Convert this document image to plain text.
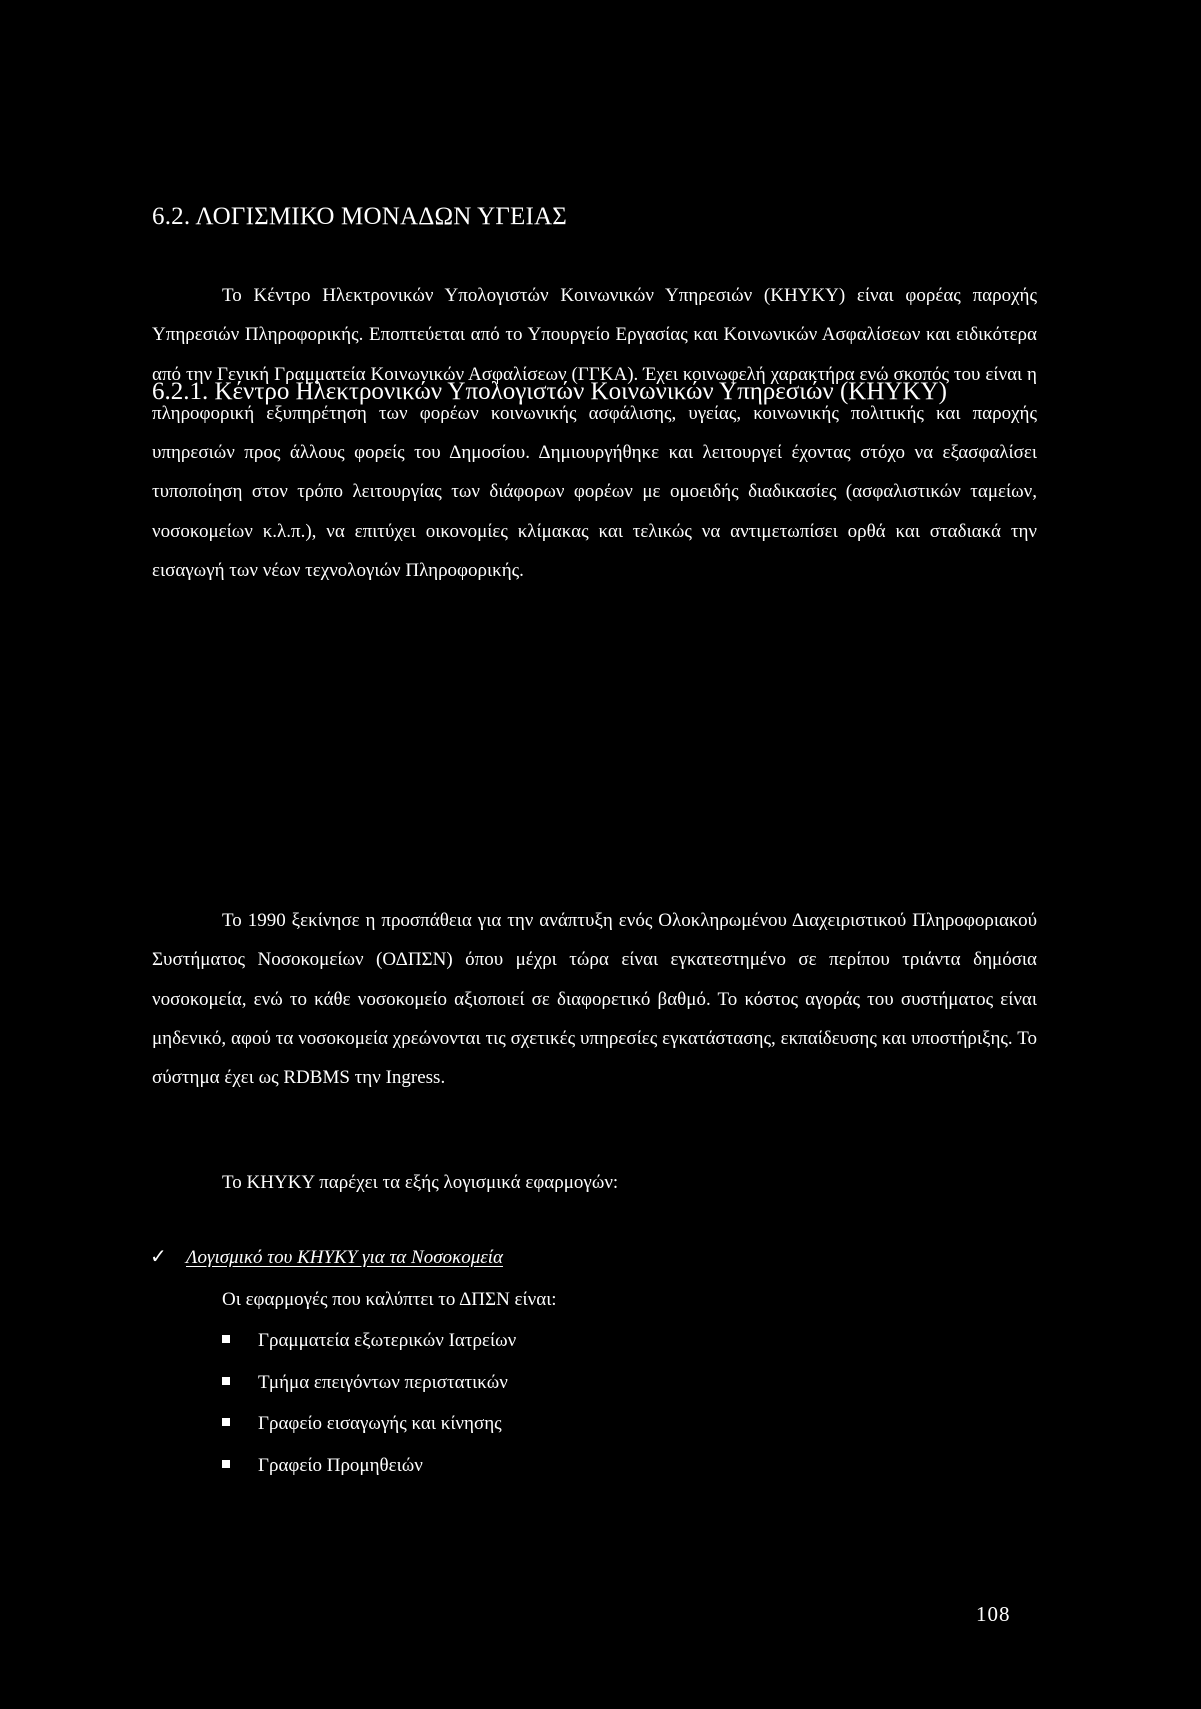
6.2. ΛΟΓΙΣΜΙΚΟ ΜΟΝΑΔΩΝ ΥΓΕΙΑΣ
6.2.1. Κέντρο Ηλεκτρονικών Υπολογιστών Κοινωνικών Υπηρεσιών (ΚΗΥΚΥ)

Το Κέντρο Ηλεκτρονικών Υπολογιστών Κοινωνικών Υπηρεσιών (ΚΗΥΚΥ) είναι φορέας παροχής Υπηρεσιών Πληροφορικής. Εποπτεύεται από το Υπουργείο Εργασίας και Κοινωνικών Ασφαλίσεων και ειδικότερα από την Γενική Γραμματεία Κοινωνικών Ασφαλίσεων (ΓΓΚΑ). Έχει κοινωφελή χαρακτήρα ενώ σκοπός του είναι η πληροφορική εξυπηρέτηση των φορέων κοινωνικής ασφάλισης, υγείας, κοινωνικής πολιτικής και παροχής υπηρεσιών προς άλλους φορείς του Δημοσίου. Δημιουργήθηκε και λειτουργεί έχοντας στόχο να εξασφαλίσει τυποποίηση στον τρόπο λειτουργίας των διάφορων φορέων με ομοειδής διαδικασίες (ασφαλιστικών ταμείων, νοσοκομείων κ.λ.π.), να επιτύχει οικονομίες κλίμακας και τελικώς να αντιμετωπίσει ορθά και σταδιακά την εισαγωγή των νέων τεχνολογιών Πληροφορικής.

Το 1990 ξεκίνησε η προσπάθεια για την ανάπτυξη ενός Ολοκληρωμένου Διαχειριστικού Πληροφοριακού Συστήματος Νοσοκομείων (ΟΔΠΣΝ) όπου μέχρι τώρα είναι εγκατεστημένο σε περίπου τριάντα δημόσια νοσοκομεία, ενώ το κάθε νοσοκομείο αξιοποιεί σε διαφορετικό βαθμό. Το κόστος αγοράς του συστήματος είναι μηδενικό, αφού τα νοσοκομεία χρεώνονται τις σχετικές υπηρεσίες εγκατάστασης, εκπαίδευσης και υποστήριξης. Το σύστημα έχει ως RDBMS την Ingress.

Το ΚΗΥΚΥ παρέχει τα εξής λογισμικά εφαρμογών:
✓	Λογισμικό του ΚΗΥΚΥ για τα Νοσοκομεία
Οι εφαρμογές που καλύπτει το ΔΠΣΝ είναι:
Γραμματεία εξωτερικών Ιατρείων
Τμήμα επειγόντων περιστατικών
Γραφείο εισαγωγής και κίνησης
Γραφείο Προμηθειών
108
